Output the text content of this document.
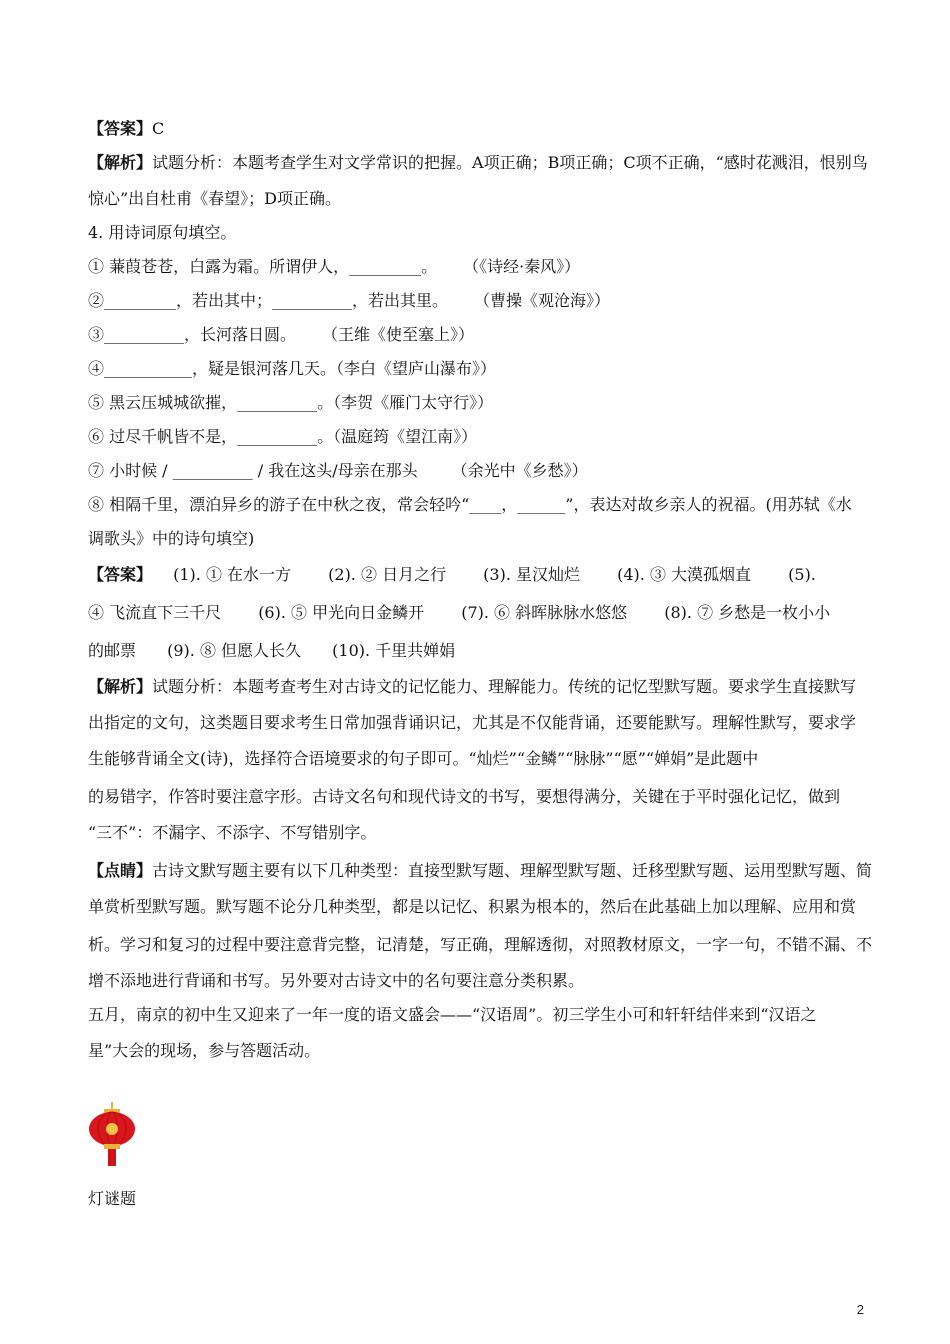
【答案】C
【解析】试题分析：本题考查学生对文学常识的把握。A项正确；B项正确；C项不正确，“感时花溅泪，恨别鸟
惊心”出自杜甫《春望》；D项正确。
4. 用诗词原句填空。
① 蒹葭苍苍，白露为霜。所谓伊人，_________。 （《诗经·秦风》）
②_________，若出其中；__________，若出其里。 （曹操《观沧海》）
③__________，长河落日圆。 （王维《使至塞上》）
④___________，疑是银河落几天。（李白《望庐山瀑布》）
⑤ 黑云压城城欲摧，__________。（李贺《雁门太守行》）
⑥ 过尽千帆皆不是，__________。（温庭筠《望江南》）
⑦ 小时候 / __________ / 我在这头/母亲在那头 （余光中《乡愁》）
⑧ 相隔千里，漂泊异乡的游子在中秋之夜，常会轻吟“____，______”，表达对故乡亲人的祝福。(用苏轼《水
调歌头》中的诗句填空)
【答案】 (1). ① 在水一方 (2). ② 日月之行 (3). 星汉灿烂 (4). ③ 大漠孤烟直 (5).
④ 飞流直下三千尺 (6). ⑤ 甲光向日金鳞开 (7). ⑥ 斜晖脉脉水悠悠 (8). ⑦ 乡愁是一枚小小
的邮票 (9). ⑧ 但愿人长久 (10). 千里共婵娟
【解析】试题分析：本题考查考生对古诗文的记忆能力、理解能力。传统的记忆型默写题。要求学生直接默写
出指定的文句，这类题目要求考生日常加强背诵识记，尤其是不仅能背诵，还要能默写。理解性默写，要求学
生能够背诵全文(诗)，选择符合语境要求的句子即可。“灿烂”“金鳞”“脉脉”“愿”“婵娟”是此题中
的易错字，作答时要注意字形。古诗文名句和现代诗文的书写，要想得满分，关键在于平时强化记忆，做到
“三不”：不漏字、不添字、不写错别字。
【点睛】古诗文默写题主要有以下几种类型：直接型默写题、理解型默写题、迁移型默写题、运用型默写题、简
单赏析型默写题。默写题不论分几种类型，都是以记忆、积累为根本的，然后在此基础上加以理解、应用和赏
析。学习和复习的过程中要注意背完整，记清楚，写正确，理解透彻，对照教材原文，一字一句，不错不漏、不
增不添地进行背诵和书写。另外要对古诗文中的名句要注意分类积累。
五月，南京的初中生又迎来了一年一度的语文盛会——“汉语周”。初三学生小可和轩轩结伴来到“汉语之
星”大会的现场，参与答题活动。
灯谜题
2
